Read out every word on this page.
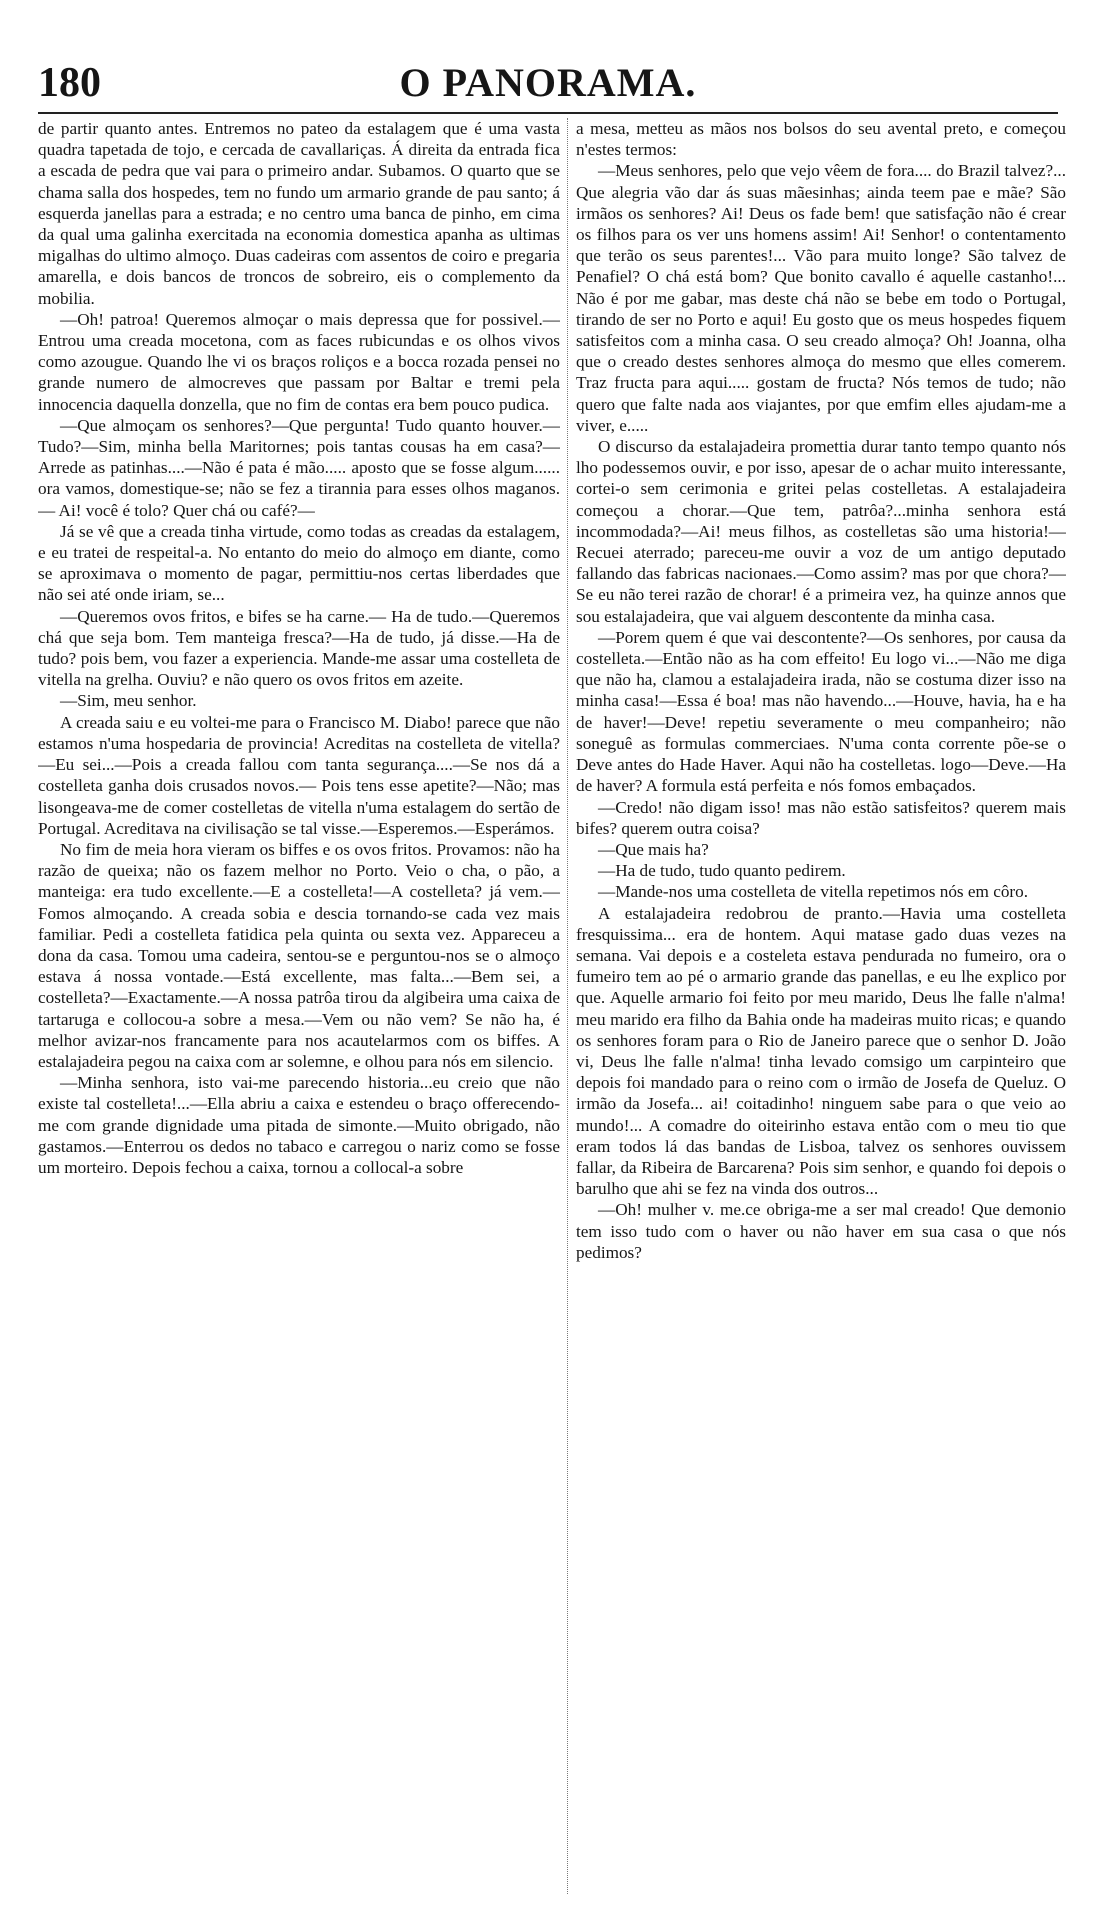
180	O PANORAMA.

de partir quanto antes. Entremos no pateo da estalagem que é uma vasta quadra tapetada de tojo, e cercada de cavallariças. Á direita da entrada fica a escada de pedra que vai para o primeiro andar. Subamos. O quarto que se chama salla dos hospedes, tem no fundo um armario grande de pau santo; á esquerda janellas para a estrada; e no centro uma banca de pinho, em cima da qual uma galinha exercitada na economia domestica apanha as ultimas migalhas do ultimo almoço. Duas cadeiras com assentos de coiro e pregaria amarella, e dois bancos de troncos de sobreiro, eis o complemento da mobilia.

—Oh! patroa! Queremos almoçar o mais depressa que for possivel.—Entrou uma creada mocetona, com as faces rubicundas e os olhos vivos como azougue. Quando lhe vi os braços roliços e a bocca rozada pensei no grande numero de almocreves que passam por Baltar e tremi pela innocencia daquella donzella, que no fim de contas era bem pouco pudica.

—Que almoçam os senhores?—Que pergunta! Tudo quanto houver.—Tudo?—Sim, minha bella Maritornes; pois tantas cousas ha em casa?—Arrede as patinhas....—Não é pata é mão..... aposto que se fosse algum...... ora vamos, domestique-se; não se fez a tirannia para esses olhos maganos.— Ai! você é tolo? Quer chá ou café?—

Já se vê que a creada tinha virtude, como todas as creadas da estalagem, e eu tratei de respeital-a. No entanto do meio do almoço em diante, como se aproximava o momento de pagar, permittiu-nos certas liberdades que não sei até onde iriam, se...

—Queremos ovos fritos, e bifes se ha carne.— Ha de tudo.—Queremos chá que seja bom. Tem manteiga fresca?—Ha de tudo, já disse.—Ha de tudo? pois bem, vou fazer a experiencia. Mande-me assar uma costelleta de vitella na grelha. Ouviu? e não quero os ovos fritos em azeite.

—Sim, meu senhor.

A creada saiu e eu voltei-me para o Francisco M. Diabo! parece que não estamos n'uma hospedaria de provincia! Acreditas na costelleta de vitella?—Eu sei...—Pois a creada fallou com tanta segurança....—Se nos dá a costelleta ganha dois crusados novos.— Pois tens esse apetite?—Não; mas lisongeava-me de comer costelletas de vitella n'uma estalagem do sertão de Portugal. Acreditava na civilisação se tal visse.—Esperemos.—Esperámos.

No fim de meia hora vieram os biffes e os ovos fritos. Provamos: não ha razão de queixa; não os fazem melhor no Porto. Veio o cha, o pão, a manteiga: era tudo excellente.—E a costelleta!—A costelleta? já vem.—Fomos almoçando. A creada sobia e descia tornando-se cada vez mais familiar. Pedi a costelleta fatidica pela quinta ou sexta vez. Appareceu a dona da casa. Tomou uma cadeira, sentou-se e perguntou-nos se o almoço estava á nossa vontade.—Está excellente, mas falta...—Bem sei, a costelleta?—Exactamente.—A nossa patrôa tirou da algibeira uma caixa de tartaruga e collocou-a sobre a mesa.—Vem ou não vem? Se não ha, é melhor avizar-nos francamente para nos acautelarmos com os biffes. A estalajadeira pegou na caixa com ar solemne, e olhou para nós em silencio.

—Minha senhora, isto vai-me parecendo historia...eu creio que não existe tal costelleta!...—Ella abriu a caixa e estendeu o braço offerecendo-me com grande dignidade uma pitada de simonte.—Muito obrigado, não gastamos.—Enterrou os dedos no tabaco e carregou o nariz como se fosse um morteiro. Depois fechou a caixa, tornou a collocal-a sobre

a mesa, metteu as mãos nos bolsos do seu avental preto, e começou n'estes termos:

—Meus senhores, pelo que vejo vêem de fora.... do Brazil talvez?... Que alegria vão dar ás suas mãesinhas; ainda teem pae e mãe? São irmãos os senhores? Ai! Deus os fade bem! que satisfação não é crear os filhos para os ver uns homens assim! Ai! Senhor! o contentamento que terão os seus parentes!... Vão para muito longe? São talvez de Penafiel? O chá está bom? Que bonito cavallo é aquelle castanho!... Não é por me gabar, mas deste chá não se bebe em todo o Portugal, tirando de ser no Porto e aqui! Eu gosto que os meus hospedes fiquem satisfeitos com a minha casa. O seu creado almoça? Oh! Joanna, olha que o creado destes senhores almoça do mesmo que elles comerem. Traz fructa para aqui..... gostam de fructa? Nós temos de tudo; não quero que falte nada aos viajantes, por que emfim elles ajudam-me a viver, e.....

O discurso da estalajadeira promettia durar tanto tempo quanto nós lho podessemos ouvir, e por isso, apesar de o achar muito interessante, cortei-o sem cerimonia e gritei pelas costelletas. A estalajadeira começou a chorar.—Que tem, patrôa?...minha senhora está incommodada?—Ai! meus filhos, as costelletas são uma historia!—Recuei aterrado; pareceu-me ouvir a voz de um antigo deputado fallando das fabricas nacionaes.—Como assim? mas por que chora?—Se eu não terei razão de chorar! é a primeira vez, ha quinze annos que sou estalajadeira, que vai alguem descontente da minha casa.

—Porem quem é que vai descontente?—Os senhores, por causa da costelleta.—Então não as ha com effeito! Eu logo vi...—Não me diga que não ha, clamou a estalajadeira irada, não se costuma dizer isso na minha casa!—Essa é boa! mas não havendo...—Houve, havia, ha e ha de haver!—Deve! repetiu severamente o meu companheiro; não soneguê as formulas commerciaes. N'uma conta corrente põe-se o Deve antes do Hade Haver. Aqui não ha costelletas. logo—Deve.—Ha de haver? A formula está perfeita e nós fomos embaçados.

—Credo! não digam isso! mas não estão satisfeitos? querem mais bifes? querem outra coisa?

—Que mais ha?

—Ha de tudo, tudo quanto pedirem.

—Mande-nos uma costelleta de vitella repetimos nós em côro.

A estalajadeira redobrou de pranto.—Havia uma costelleta fresquissima... era de hontem. Aqui matase gado duas vezes na semana. Vai depois e a costeleta estava pendurada no fumeiro, ora o fumeiro tem ao pé o armario grande das panellas, e eu lhe explico por que. Aquelle armario foi feito por meu marido, Deus lhe falle n'alma! meu marido era filho da Bahia onde ha madeiras muito ricas; e quando os senhores foram para o Rio de Janeiro parece que o senhor D. João vi, Deus lhe falle n'alma! tinha levado comsigo um carpinteiro que depois foi mandado para o reino com o irmão de Josefa de Queluz. O irmão da Josefa... ai! coitadinho! ninguem sabe para o que veio ao mundo!... A comadre do oiteirinho estava então com o meu tio que eram todos lá das bandas de Lisboa, talvez os senhores ouvissem fallar, da Ribeira de Barcarena? Pois sim senhor, e quando foi depois o barulho que ahi se fez na vinda dos outros...

—Oh! mulher v. me.ce obriga-me a ser mal creado! Que demonio tem isso tudo com o haver ou não haver em sua casa o que nós pedimos?
